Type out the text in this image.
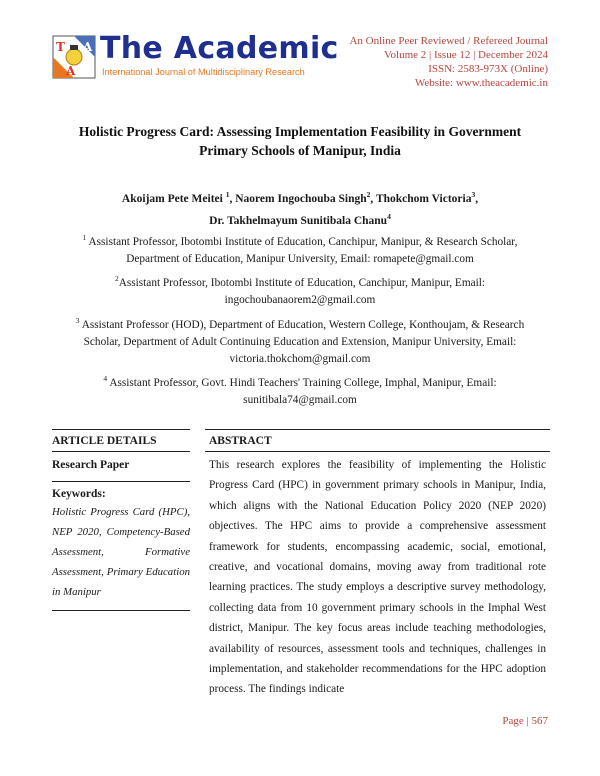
T A
A
The Academic
International Journal of Multidisciplinary Research
An Online Peer Reviewed / Refereed Journal
Volume 2 | Issue 12 | December 2024
ISSN: 2583-973X (Online)
Website: www.theacademic.in
Holistic Progress Card: Assessing Implementation Feasibility in Government
Primary Schools of Manipur, India
Akoijam Pete Meitei $^1$, Naorem Ingochouba Singh$^2$, Thokchom Victoria$^3$,
Dr. Takhelmayum Sunitibala Chanu$^4$
$^1$ Assistant Professor, Ibotombi Institute of Education, Canchipur, Manipur, & Research Scholar,
Department of Education, Manipur University, Email: romapete@gmail.com
$^2$Assistant Professor, Ibotombi Institute of Education, Canchipur, Manipur, Email:
ingochoubanaorem2@gmail.com
$^3$ Assistant Professor (HOD), Department of Education, Western College, Konthoujam, & Research
Scholar, Department of Adult Continuing Education and Extension, Manipur University, Email:
victoria.thokchom@gmail.com
$^4$ Assistant Professor, Govt. Hindi Teachers' Training College, Imphal, Manipur, Email:
sunitibala74@gmail.com
ARTICLE DETAILS
Research Paper
Keywords:
Holistic Progress Card (HPC), NEP 2020, Competency-Based Assessment, Formative Assessment, Primary Education in Manipur
ABSTRACT
This research explores the feasibility of implementing the Holistic Progress Card (HPC) in government primary schools in Manipur, India, which aligns with the National Education Policy 2020 (NEP 2020) objectives. The HPC aims to provide a comprehensive assessment framework for students, encompassing academic, social, emotional, creative, and vocational domains, moving away from traditional rote learning practices. The study employs a descriptive survey methodology, collecting data from 10 government primary schools in the Imphal West district, Manipur. The key focus areas include teaching methodologies, availability of resources, assessment tools and techniques, challenges in implementation, and stakeholder recommendations for the HPC adoption process. The findings indicate
Page | 567
